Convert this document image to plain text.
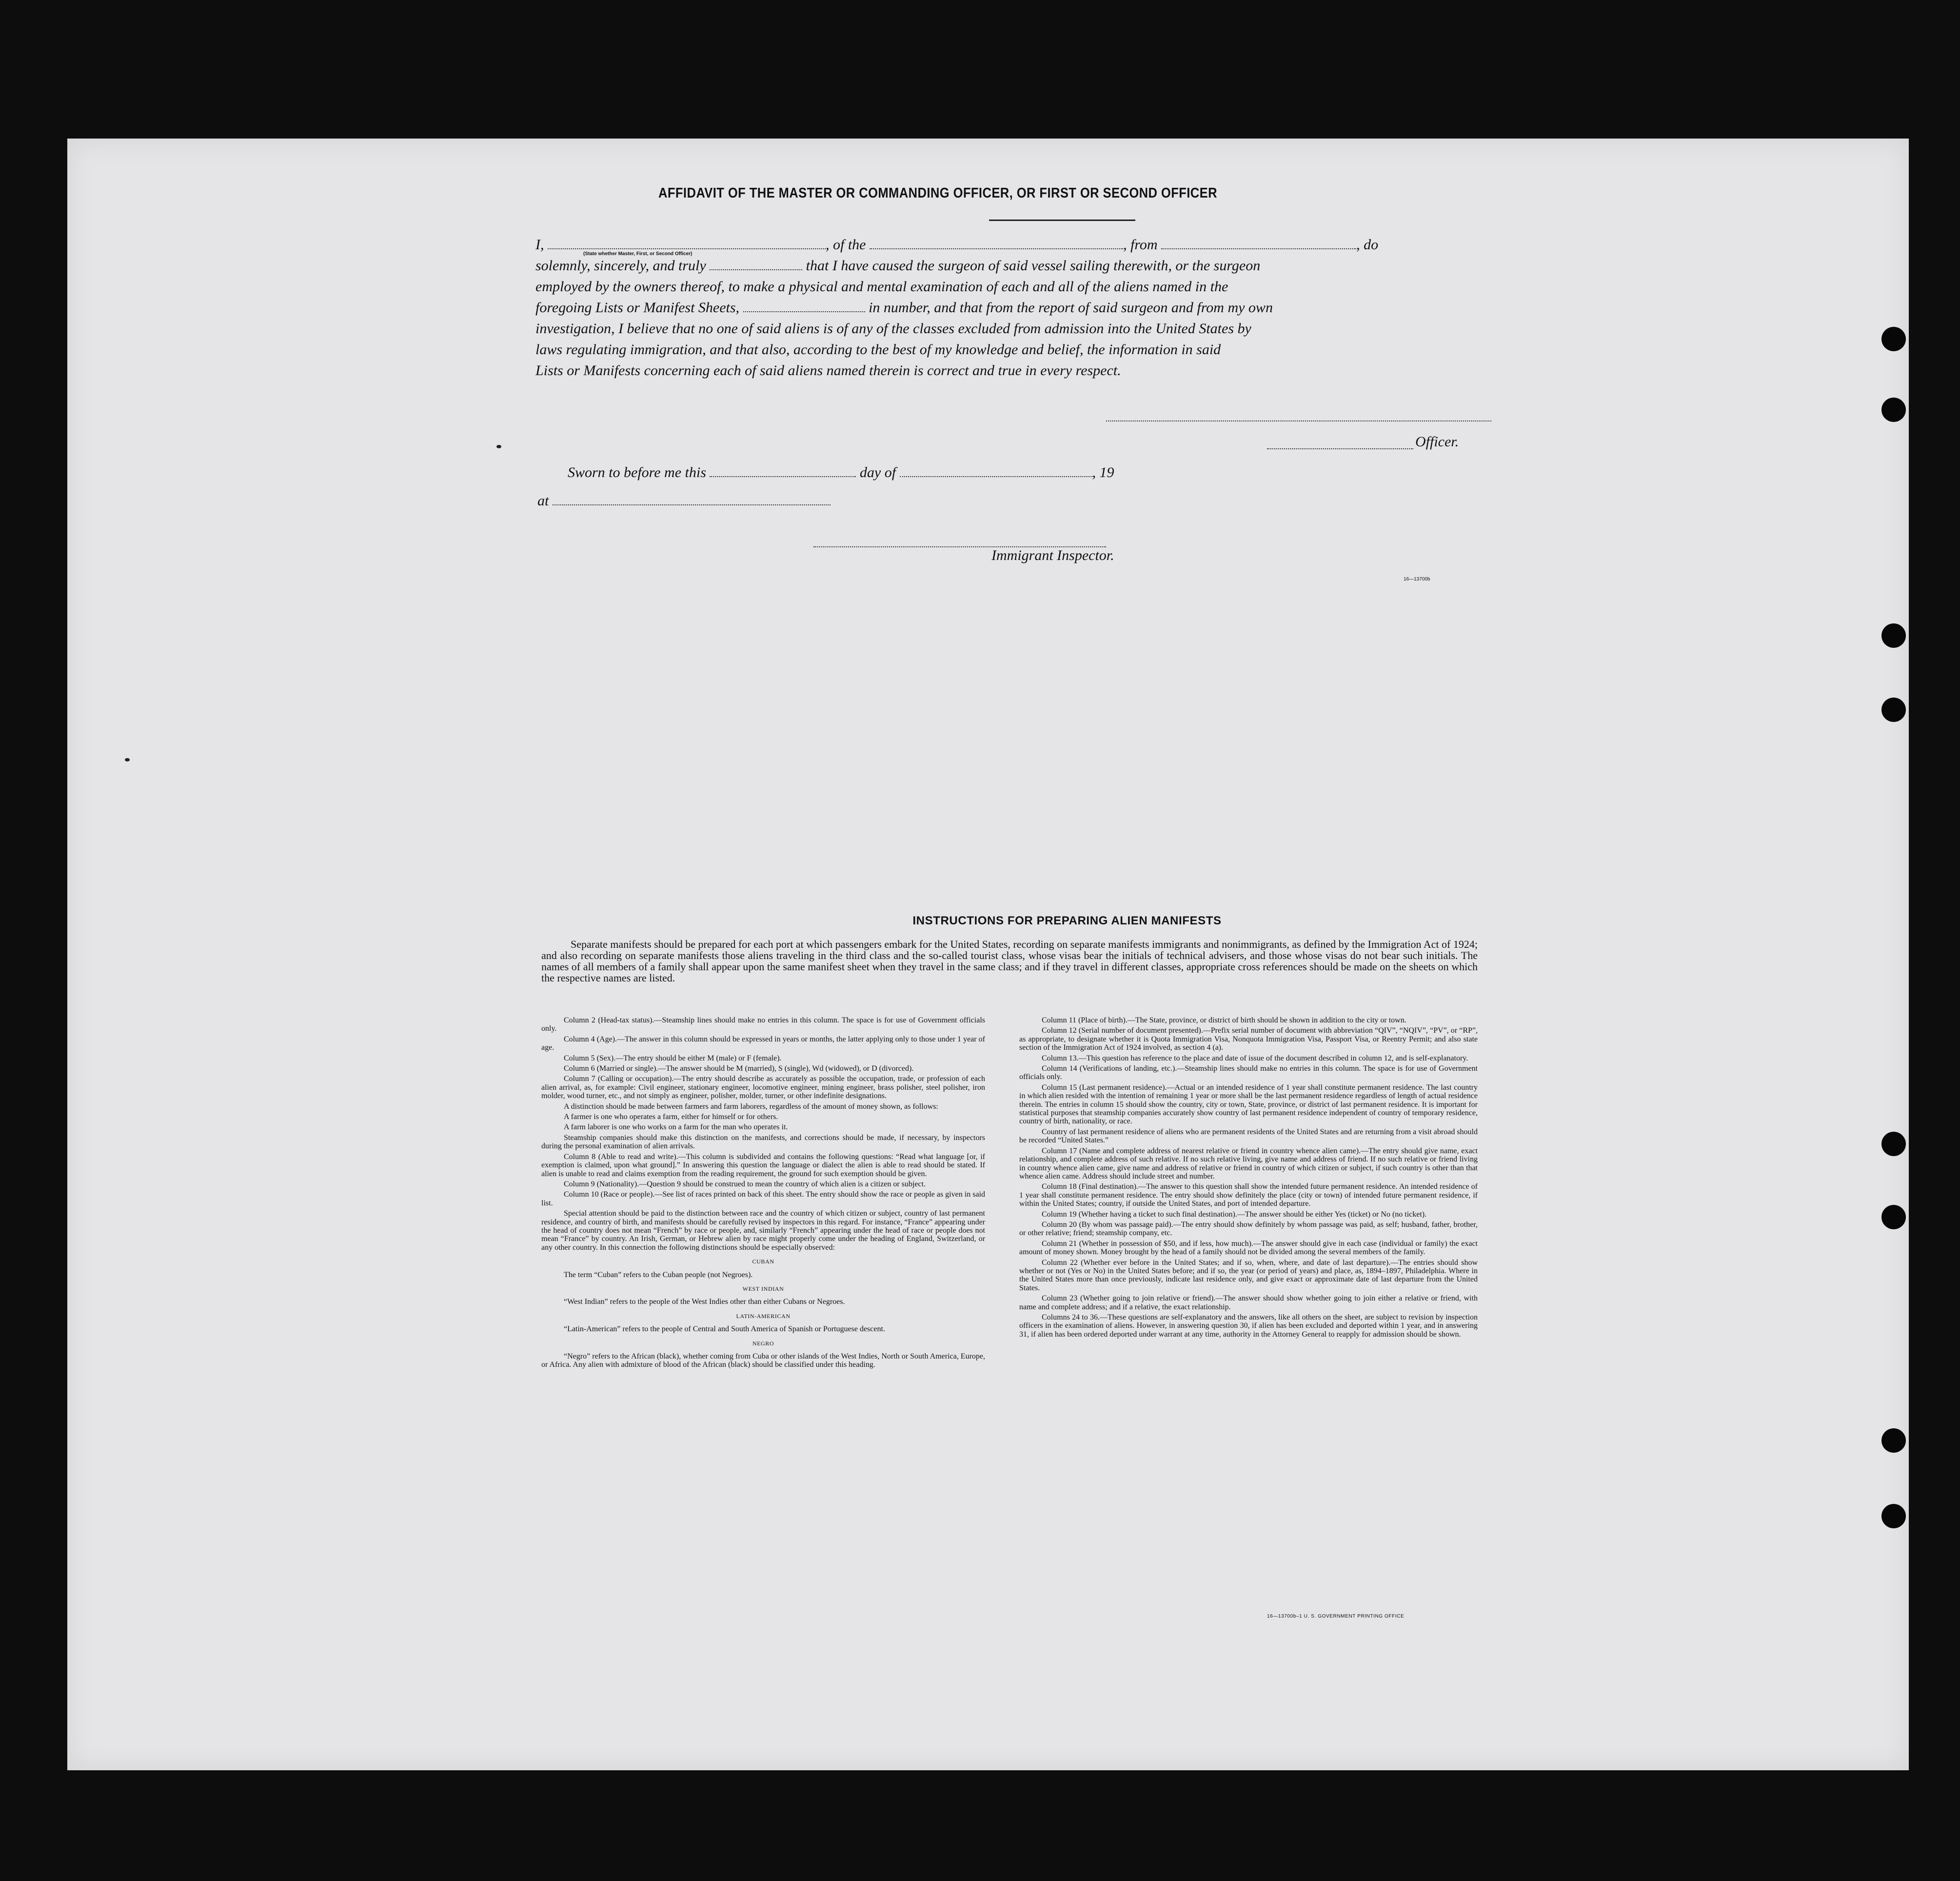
AFFIDAVIT OF THE MASTER OR COMMANDING OFFICER, OR FIRST OR SECOND OFFICER
I,	, of the	, from	, do
(State whether Master, First, or Second Officer)
solemnly, sincerely, and truly	that I have caused the surgeon of said vessel sailing therewith, or the surgeon
employed by the owners thereof, to make a physical and mental examination of each and all of the aliens named in the
foregoing Lists or Manifest Sheets,	in number, and that from the report of said surgeon and from my own
investigation, I believe that no one of said aliens is of any of the classes excluded from admission into the United States by
laws regulating immigration, and that also, according to the best of my knowledge and belief, the information in said
Lists or Manifests concerning each of said aliens named therein is correct and true in every respect.
Officer.
Sworn to before me this	day of	, 19
at
Immigrant Inspector.
16—13700b
INSTRUCTIONS FOR PREPARING ALIEN MANIFESTS
Separate manifests should be prepared for each port at which passengers embark for the United States, recording on separate manifests immigrants and nonimmigrants, as defined by the Immigration Act of 1924; and also recording on separate manifests those aliens traveling in the third class and the so-called tourist class, whose visas bear the initials of technical advisers, and those whose visas do not bear such initials. The names of all members of a family shall appear upon the same manifest sheet when they travel in the same class; and if they travel in different classes, appropriate cross references should be made on the sheets on which the respective names are listed.

Column 2 (Head-tax status).—Steamship lines should make no entries in this column. The space is for use of Government officials only.

Column 4 (Age).—The answer in this column should be expressed in years or months, the latter applying only to those under 1 year of age.

Column 5 (Sex).—The entry should be either M (male) or F (female).

Column 6 (Married or single).—The answer should be M (married), S (single), Wd (widowed), or D (divorced).

Column 7 (Calling or occupation).—The entry should describe as accurately as possible the occupation, trade, or profession of each alien arrival, as, for example: Civil engineer, stationary engineer, locomotive engineer, mining engineer, brass polisher, steel polisher, iron molder, wood turner, etc., and not simply as engineer, polisher, molder, turner, or other indefinite designations.

A distinction should be made between farmers and farm laborers, regardless of the amount of money shown, as follows:

A farmer is one who operates a farm, either for himself or for others.

A farm laborer is one who works on a farm for the man who operates it.

Steamship companies should make this distinction on the manifests, and corrections should be made, if necessary, by inspectors during the personal examination of alien arrivals.

Column 8 (Able to read and write).—This column is subdivided and contains the following questions: “Read what language [or, if exemption is claimed, upon what ground].” In answering this question the language or dialect the alien is able to read should be stated. If alien is unable to read and claims exemption from the reading requirement, the ground for such exemption should be given.

Column 9 (Nationality).—Question 9 should be construed to mean the country of which alien is a citizen or subject.

Column 10 (Race or people).—See list of races printed on back of this sheet. The entry should show the race or people as given in said list.

Special attention should be paid to the distinction between race and the country of which citizen or subject, country of last permanent residence, and country of birth, and manifests should be carefully revised by inspectors in this regard. For instance, “France” appearing under the head of country does not mean “French” by race or people, and, similarly “French” appearing under the head of race or people does not mean “France” by country. An Irish, German, or Hebrew alien by race might properly come under the heading of England, Switzerland, or any other country. In this connection the following distinctions should be especially observed:

CUBAN

The term “Cuban” refers to the Cuban people (not Negroes).

WEST INDIAN

“West Indian” refers to the people of the West Indies other than either Cubans or Negroes.

LATIN-AMERICAN

“Latin-American” refers to the people of Central and South America of Spanish or Portuguese descent.

NEGRO

“Negro” refers to the African (black), whether coming from Cuba or other islands of the West Indies, North or South America, Europe, or Africa. Any alien with admixture of blood of the African (black) should be classified under this heading.

Column 11 (Place of birth).—The State, province, or district of birth should be shown in addition to the city or town.

Column 12 (Serial number of document presented).—Prefix serial number of document with abbreviation “QIV”, “NQIV”, “PV”, or “RP”, as appropriate, to designate whether it is Quota Immigration Visa, Nonquota Immigration Visa, Passport Visa, or Reentry Permit; and also state section of the Immigration Act of 1924 involved, as section 4 (a).

Column 13.—This question has reference to the place and date of issue of the document described in column 12, and is self-explanatory.

Column 14 (Verifications of landing, etc.).—Steamship lines should make no entries in this column. The space is for use of Government officials only.

Column 15 (Last permanent residence).—Actual or an intended residence of 1 year shall constitute permanent residence. The last country in which alien resided with the intention of remaining 1 year or more shall be the last permanent residence regardless of length of actual residence therein. The entries in column 15 should show the country, city or town, State, province, or district of last permanent residence. It is important for statistical purposes that steamship companies accurately show country of last permanent residence independent of country of temporary residence, country of birth, nationality, or race.

Country of last permanent residence of aliens who are permanent residents of the United States and are returning from a visit abroad should be recorded “United States.”

Column 17 (Name and complete address of nearest relative or friend in country whence alien came).—The entry should give name, exact relationship, and complete address of such relative. If no such relative living, give name and address of friend. If no such relative or friend living in country whence alien came, give name and address of relative or friend in country of which citizen or subject, if such country is other than that whence alien came. Address should include street and number.

Column 18 (Final destination).—The answer to this question shall show the intended future permanent residence. An intended residence of 1 year shall constitute permanent residence. The entry should show definitely the place (city or town) of intended future permanent residence, if within the United States; country, if outside the United States, and port of intended departure.

Column 19 (Whether having a ticket to such final destination).—The answer should be either Yes (ticket) or No (no ticket).

Column 20 (By whom was passage paid).—The entry should show definitely by whom passage was paid, as self; husband, father, brother, or other relative; friend; steamship company, etc.

Column 21 (Whether in possession of $50, and if less, how much).—The answer should give in each case (individual or family) the exact amount of money shown. Money brought by the head of a family should not be divided among the several members of the family.

Column 22 (Whether ever before in the United States; and if so, when, where, and date of last departure).—The entries should show whether or not (Yes or No) in the United States before; and if so, the year (or period of years) and place, as, 1894–1897, Philadelphia. Where in the United States more than once previously, indicate last residence only, and give exact or approximate date of last departure from the United States.

Column 23 (Whether going to join relative or friend).—The answer should show whether going to join either a relative or friend, with name and complete address; and if a relative, the exact relationship.

Columns 24 to 36.—These questions are self-explanatory and the answers, like all others on the sheet, are subject to revision by inspection officers in the examination of aliens. However, in answering question 30, if alien has been excluded and deported within 1 year, and in answering 31, if alien has been ordered deported under warrant at any time, authority in the Attorney General to reapply for admission should be shown.

16—13700b–1 U. S. GOVERNMENT PRINTING OFFICE
